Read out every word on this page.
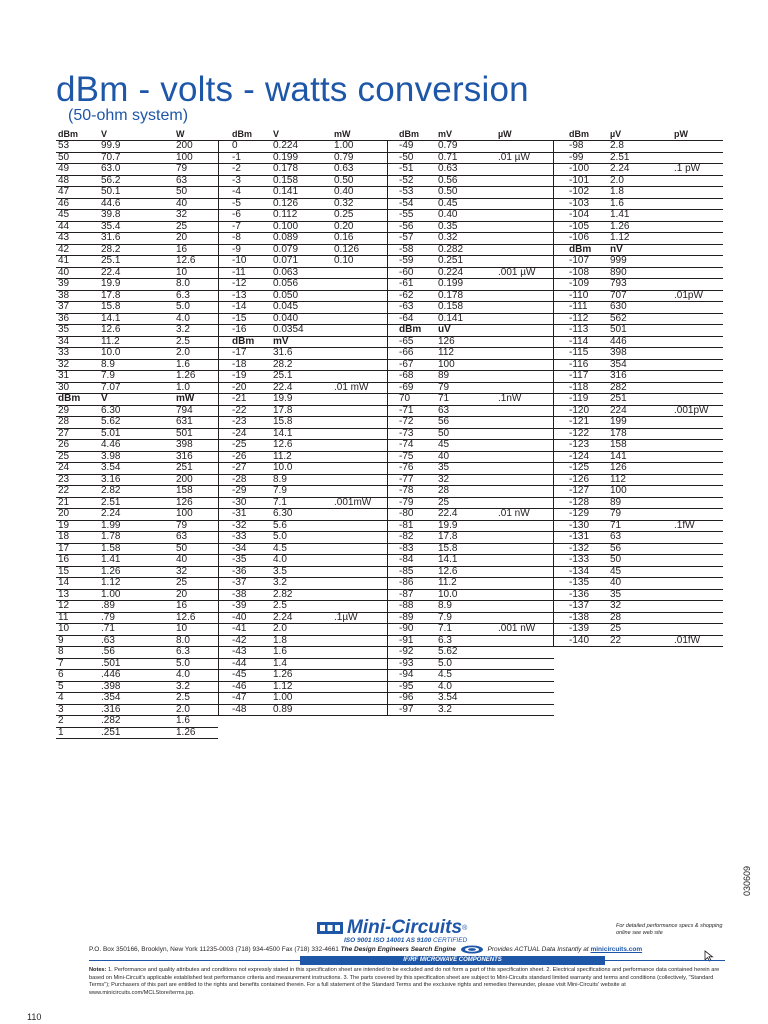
dBm - volts - watts conversion
(50-ohm system)
dBm	V	W
53	99.9	200
50	70.7	100
49	63.0	79
48	56.2	63
47	50.1	50
46	44.6	40
45	39.8	32
44	35.4	25
43	31.6	20
42	28.2	16
41	25.1	12.6
40	22.4	10
39	19.9	8.0
38	17.8	6.3
37	15.8	5.0
36	14.1	4.0
35	12.6	3.2
34	11.2	2.5
33	10.0	2.0
32	8.9	1.6
31	7.9	1.26
30	7.07	1.0
dBm V	mW
29	6.30	794
28	5.62	631
27	5.01	501
26	4.46	398
25	3.98	316
24	3.54	251
23	3.16	200
22	2.82	158
21	2.51	126
20	2.24	100
19	1.99	79
18	1.78	63
17	1.58	50
16	1.41	40
15	1.26	32
14	1.12	25
13	1.00	20
12	.89	16
11	.79	12.6
10	.71	10
9	.63	8.0
8	.56	6.3
7	.501	5.0
6	.446	4.0
5	.398	3.2
4	.354	2.5
3	.316	2.0
2	.282	1.6
1	.251	1.26
dBm V	mW
0	0.224	1.00
-1	0.199	0.79
-2	0.178	0.63
-3	0.158	0.50
-4	0.141	0.40
-5	0.126	0.32
-6	0.112	0.25
-7	0.100	0.20
-8	0.089	0.16
-9	0.079	0.126
-10	0.071	0.10
-11	0.063
-12	0.056
-13	0.050
-14	0.045
-15	0.040
-16	0.0354
dBm mV
-17	31.6
-18	28.2
-19	25.1
-20	22.4	.01 mW
-21	19.9
-22	17.8
-23	15.8
-24	14.1
-25	12.6
-26	11.2
-27	10.0
-28	8.9
-29	7.9
-30	7.1	.001mW
-31	6.30
-32	5.6
-33	5.0
-34	4.5
-35	4.0
-36	3.5
-37	3.2
-38	2.82
-39	2.5
-40	2.24	.1µW
-41	2.0
-42	1.8
-43	1.6
-44	1.4
-45	1.26
-46	1.12
-47	1.00
-48	0.89
dBm mV	µW
-49 0.79
-50 0.71	.01 µW
-51 0.63
-52 0.56
-53 0.50
-54 0.45
-55 0.40
-56 0.35
-57 0.32
-58 0.282
-59 0.251
-60 0.224	.001 µW
-61 0.199
-62 0.178
-63 0.158
-64 0.141
dBm uV
-65 126
-66 112
-67 100
-68 89
-69 79
70	71	.1nW
-71 63
-72 56
-73 50
-74 45
-75 40
-76 35
-77 32
-78 28
-79 25
-80 22.4	.01 nW
-81 19.9
-82 17.8
-83 15.8
-84 14.1
-85 12.6
-86 11.2
-87 10.0
-88 8.9
-89 7.9
-90 7.1	.001 nW
-91 6.3
-92 5.62
-93 5.0
-94 4.5
-95 4.0
-96 3.54
-97 3.2
dBm µV	pW
-98	2.8
-99	2.51
-100 2.24	.1 pW
-101 2.0
-102 1.8
-103 1.6
-104 1.41
-105 1.26
-106 1.12
dBm nV
-107 999
-108 890
-109 793
-110 707	.01pW
-111 630
-112 562
-113 501
-114 446
-115 398
-116 354
-117 316
-118 282
-119 251
-120 224	.001pW
-121 199
-122 178
-123 158
-124 141
-125 126
-126 112
-127 100
-128 89
-129 79
-130 71	.1fW
-131 63
-132 56
-133 50
-134 45
-135 40
-136 35
-137 32
-138 28
-139 25
-140 22	.01fW
030609
For detailed performance specs & shopping online see web site
Mini-Circuits ®
ISO 9001 ISO 14001 AS 9100 CERTIFIED
P.O. Box 350166, Brooklyn, New York 11235-0003 (718) 934-4500 Fax (718) 332-4661 The Design Engineers Search Engine	Provides ACTUAL Data Instantly at minicircuits.com
IF/RF MICROWAVE COMPONENTS
Notes: 1. Performance and quality attributes and conditions not expressly stated in this specification sheet are intended to be excluded and do not form a part of this specification sheet. 2. Electrical specifications and performance data contained herein are based on Mini-Circuit's applicable established test performance criteria and measurement instructions. 3. The parts covered by this specification sheet are subject to Mini-Circuits standard limited warranty and terms and conditions (collectively, "Standard Terms"); Purchasers of this part are entitled to the rights and benefits contained therein. For a full statement of the Standard Terms and the exclusive rights and remedies thereunder, please visit Mini-Circuits' website at www.minicircuits.com/MCLStore/terms.jsp.
110
